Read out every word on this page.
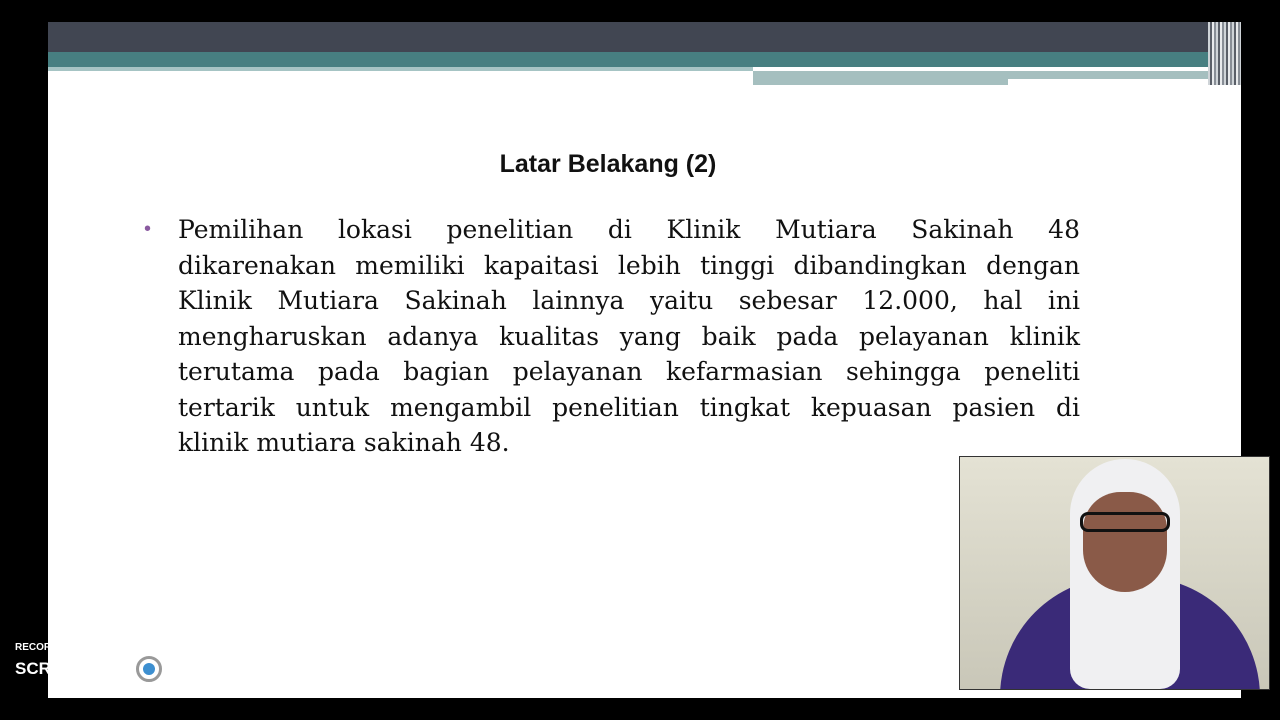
Latar Belakang (2)
• Pemilihan lokasi penelitian di Klinik Mutiara Sakinah 48
dikarenakan memiliki kapaitasi lebih tinggi dibandingkan dengan
Klinik Mutiara Sakinah lainnya yaitu sebesar 12.000, hal ini
mengharuskan adanya kualitas yang baik pada pelayanan klinik
terutama pada bagian pelayanan kefarmasian sehingga peneliti
tertarik untuk mengambil penelitian tingkat kepuasan pasien di
klinik mutiara sakinah 48.
RECORDED WITH
SCREENCAST MATIC
